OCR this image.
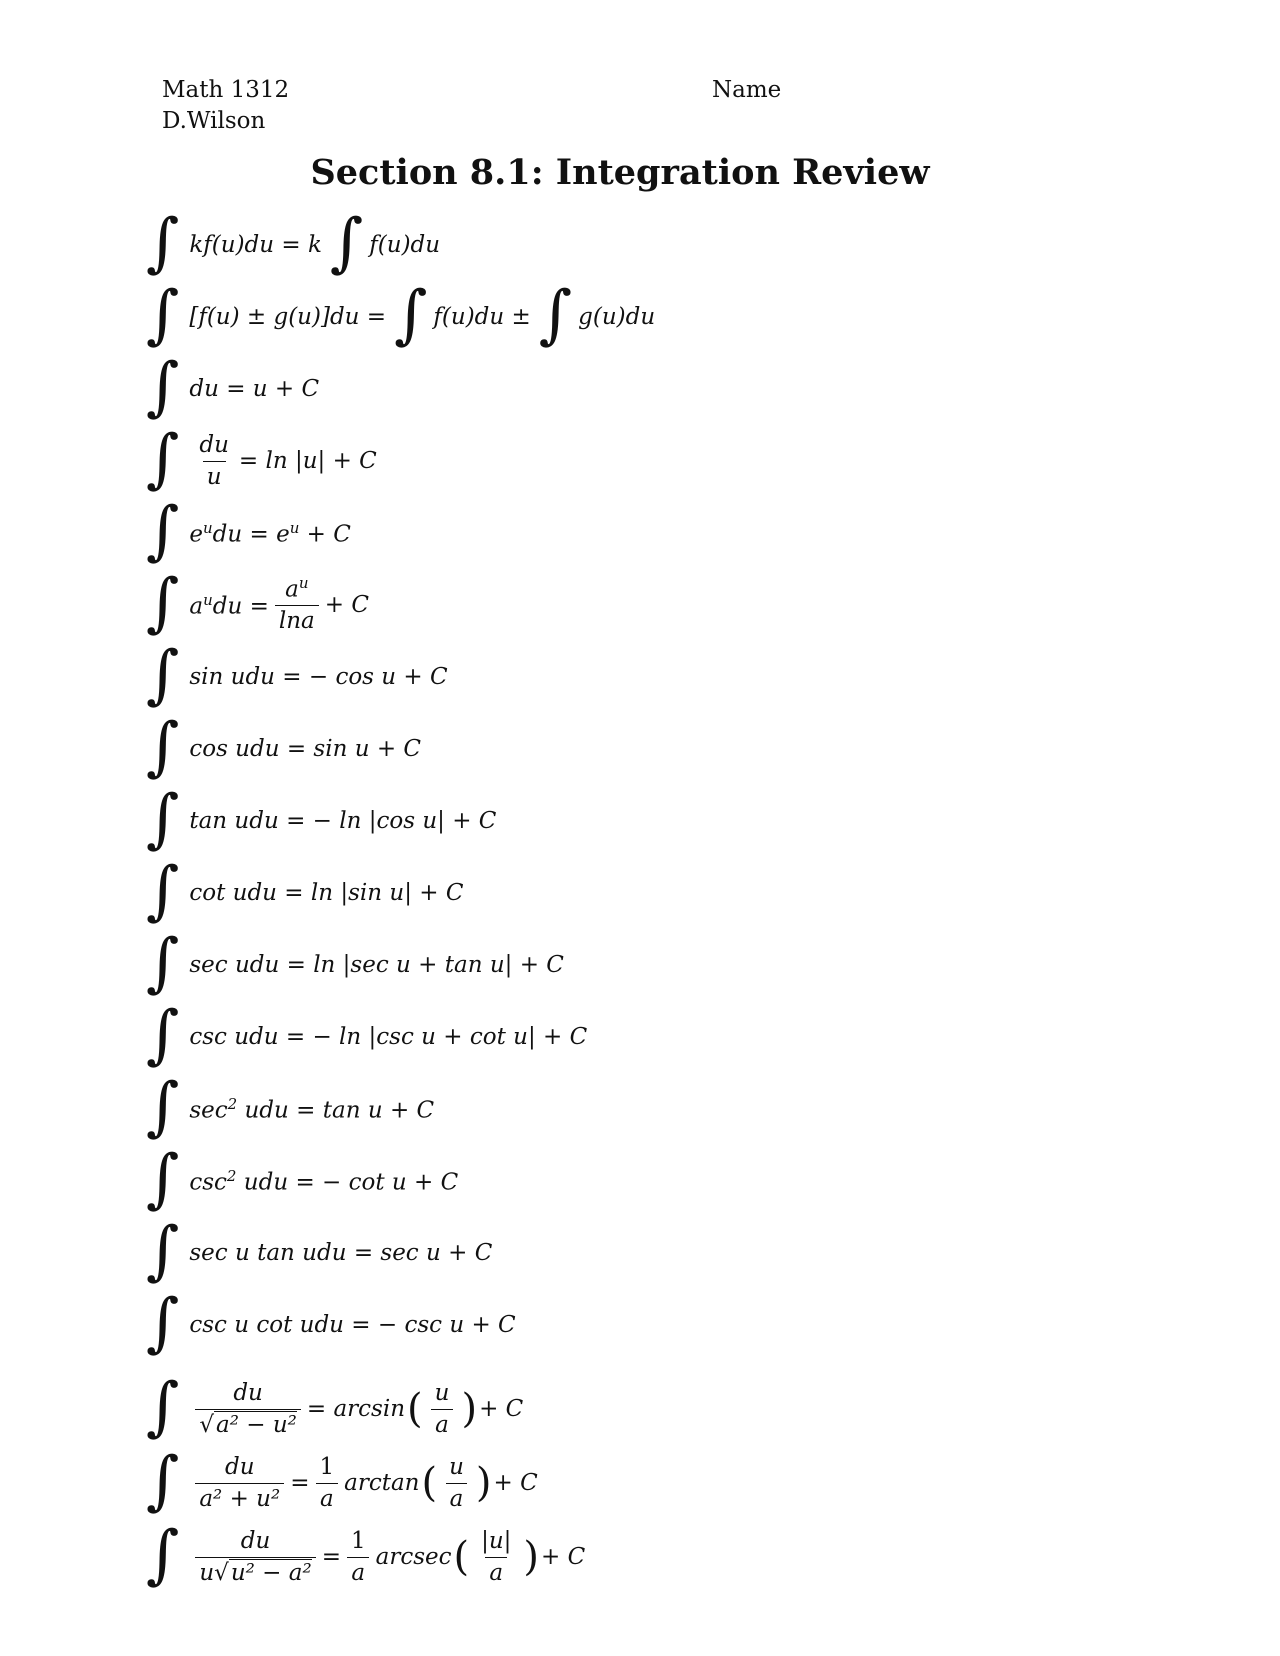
Math 1312
D.Wilson
Name
Section 8.1: Integration Review
∫ kf(u)du = k ∫ f(u)du
∫ [f(u) ± g(u)]du = ∫ f(u)du ± ∫ g(u)du
∫ du = u + C
∫ $\frac{du}{u} = \ln |u| + C$
∫ $e^udu = e^u + C$
∫ $a^udu = \frac{a^u}{\ln a} + C$
∫ sin udu = − cos u + C
∫ cos udu = sin u + C
∫ tan udu = − ln |cos u| + C
∫ cot udu = ln |sin u| + C
∫ sec udu = ln |sec u + tan u| + C
∫ csc udu = − ln |csc u + cot u| + C
∫ $\sec^2$ udu = tan u + C
∫ $\csc^2$ udu = − cot u + C
∫ sec u tan udu = sec u + C
∫ csc u cot udu = − csc u + C
∫ $\frac{du}{\text{√a² − u²}} = \arcsin$ ( $\frac{u}{a}$ ) + C
∫ $\frac{du}{\text{a² + u²}} = \frac{1}{a}$ arctan ( $\frac{u}{a}$ ) + C
∫ $\frac{du}{\text{u√u² − a²}} = \frac{1}{a}$ arcsec ( $\frac{|u|}{a}$ ) + C
